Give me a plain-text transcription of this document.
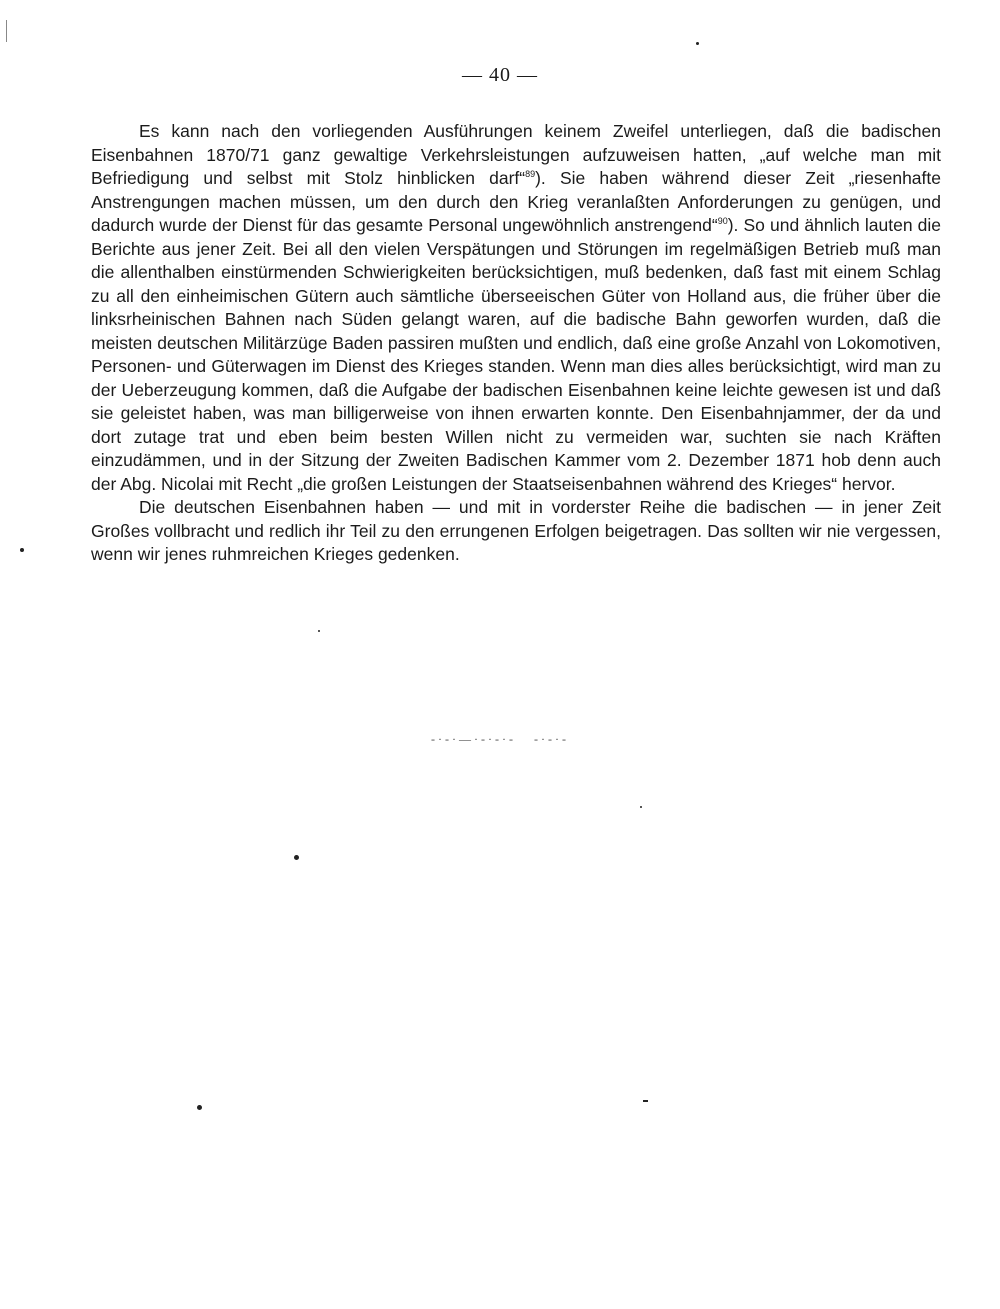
— 40 —

Es kann nach den vorliegenden Ausführungen keinem Zweifel unterliegen, daß die badischen Eisenbahnen 1870/71 ganz gewaltige Verkehrsleistungen aufzuweisen hatten, „auf welche man mit Befriedigung und selbst mit Stolz hinblicken darf“$^{89}$). Sie haben während dieser Zeit „riesenhafte Anstrengungen machen müssen, um den durch den Krieg veranlaßten Anforderungen zu genügen, und dadurch wurde der Dienst für das gesamte Personal ungewöhnlich anstrengend“$^{90}$). So und ähnlich lauten die Berichte aus jener Zeit. Bei all den vielen Verspätungen und Störungen im regelmäßigen Betrieb muß man die allenthalben einstürmenden Schwierigkeiten berücksichtigen, muß bedenken, daß fast mit einem Schlag zu all den einheimischen Gütern auch sämtliche überseeischen Güter von Holland aus, die früher über die linksrheinischen Bahnen nach Süden gelangt waren, auf die badische Bahn geworfen wurden, daß die meisten deutschen Militärzüge Baden passiren mußten und endlich, daß eine große Anzahl von Lokomotiven, Personen- und Güterwagen im Dienst des Krieges standen. Wenn man dies alles berücksichtigt, wird man zu der Ueberzeugung kommen, daß die Aufgabe der badischen Eisenbahnen keine leichte gewesen ist und daß sie geleistet haben, was man billigerweise von ihnen erwarten konnte. Den Eisenbahnjammer, der da und dort zutage trat und eben beim besten Willen nicht zu vermeiden war, suchten sie nach Kräften einzudämmen, und in der Sitzung der Zweiten Badischen Kammer vom 2. Dezember 1871 hob denn auch der Abg. Nicolai mit Recht „die großen Leistungen der Staatseisenbahnen während des Krieges“ hervor.

Die deutschen Eisenbahnen haben — und mit in vorderster Reihe die badischen — in jener Zeit Großes vollbracht und redlich ihr Teil zu den errungenen Erfolgen beigetragen. Das sollten wir nie vergessen, wenn wir jenes ruhmreichen Krieges gedenken.

-·-·—·-·-·-   -·-·-
